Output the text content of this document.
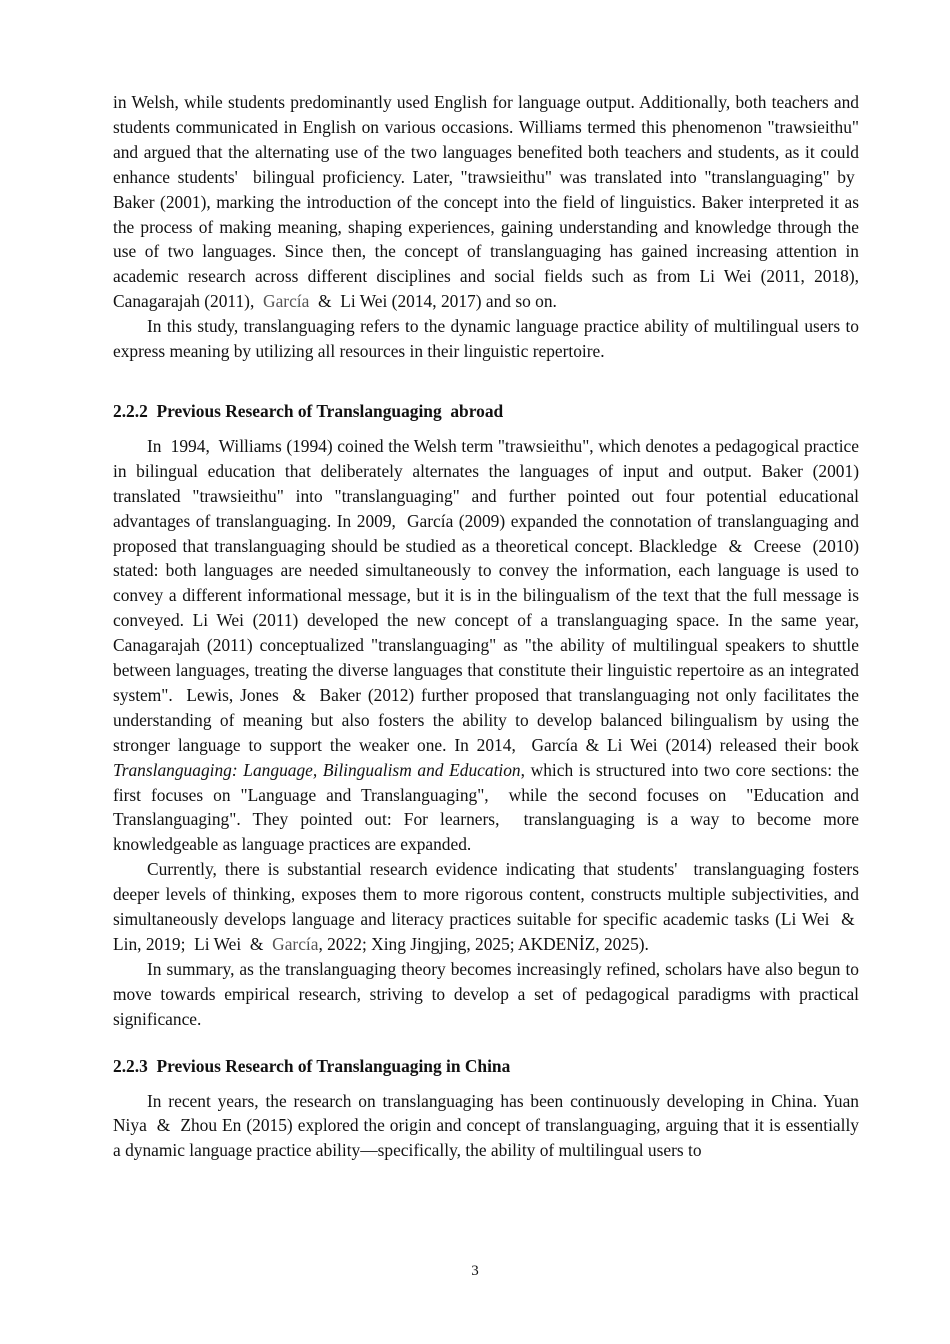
in Welsh, while students predominantly used English for language output. Additionally, both teachers and students communicated in English on various occasions. Williams termed this phenomenon "trawsieithu" and argued that the alternating use of the two languages benefited both teachers and students, as it could enhance students'  bilingual proficiency. Later, "trawsieithu" was translated into "translanguaging" by  Baker (2001), marking the introduction of the concept into the field of linguistics. Baker interpreted it as the process of making meaning, shaping experiences, gaining understanding and knowledge through the use of two languages. Since then, the concept of translanguaging has gained increasing attention in academic research across different disciplines and social fields such as from Li Wei (2011, 2018), Canagarajah (2011),  García  &  Li Wei (2014, 2017) and so on.

In this study, translanguaging refers to the dynamic language practice ability of multilingual users to express meaning by utilizing all resources in their linguistic repertoire.

2.2.2  Previous Research of Translanguaging  abroad

In  1994,  Williams (1994) coined the Welsh term "trawsieithu", which denotes a pedagogical practice in bilingual education that deliberately alternates the languages of input and output. Baker (2001) translated "trawsieithu" into "translanguaging" and further pointed out four potential educational advantages of translanguaging. In 2009,  García (2009) expanded the connotation of translanguaging and proposed that translanguaging should be studied as a theoretical concept. Blackledge  &  Creese  (2010) stated: both languages are needed simultaneously to convey the information, each language is used to convey a different informational message, but it is in the bilingualism of the text that the full message is conveyed. Li Wei (2011) developed the new concept of a translanguaging space. In the same year, Canagarajah (2011) conceptualized "translanguaging" as "the ability of multilingual speakers to shuttle between languages, treating the diverse languages that constitute their linguistic repertoire as an integrated system".  Lewis, Jones  &  Baker (2012) further proposed that translanguaging not only facilitates the understanding of meaning but also fosters the ability to develop balanced bilingualism by using the stronger language to support the weaker one. In 2014,  García & Li Wei (2014) released their book Translanguaging: Language, Bilingualism and Education, which is structured into two core sections: the first focuses on "Language and Translanguaging",  while the second focuses on  "Education and Translanguaging". They pointed out: For learners,  translanguaging is a way to become more knowledgeable as language practices are expanded.

Currently, there is substantial research evidence indicating that students'  translanguaging fosters deeper levels of thinking, exposes them to more rigorous content, constructs multiple subjectivities, and simultaneously develops language and literacy practices suitable for specific academic tasks (Li Wei  &  Lin, 2019;  Li Wei  &  García, 2022; Xing Jingjing, 2025; AKDENİZ, 2025).

In summary, as the translanguaging theory becomes increasingly refined, scholars have also begun to move towards empirical research, striving to develop a set of pedagogical paradigms with practical significance.

2.2.3  Previous Research of Translanguaging in China

In recent years, the research on translanguaging has been continuously developing in China. Yuan Niya  &  Zhou En (2015) explored the origin and concept of translanguaging, arguing that it is essentially a dynamic language practice ability—specifically, the ability of multilingual users to

3
